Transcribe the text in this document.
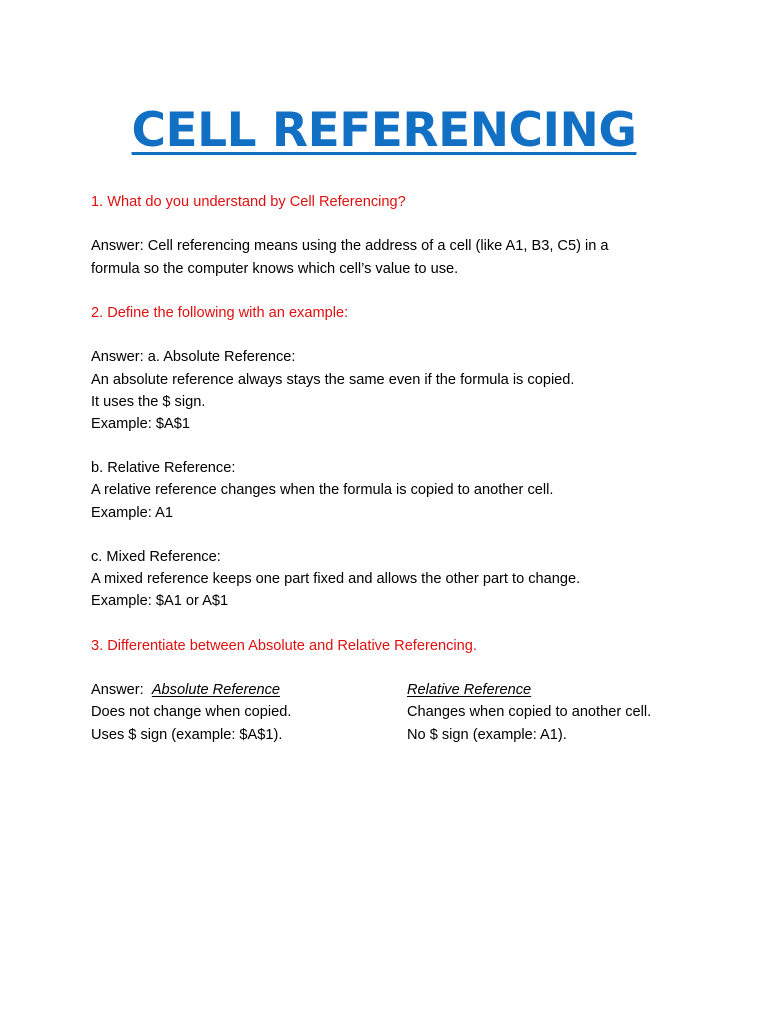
CELL REFERENCING
1. What do you understand by Cell Referencing?
Answer: Cell referencing means using the address of a cell (like A1, B3, C5) in a
formula so the computer knows which cell’s value to use.
2. Define the following with an example:
Answer: a. Absolute Reference:
An absolute reference always stays the same even if the formula is copied.
It uses the $ sign.
Example: $A$1
b. Relative Reference:
A relative reference changes when the formula is copied to another cell.
Example: A1
c. Mixed Reference:
A mixed reference keeps one part fixed and allows the other part to change.
Example: $A1 or A$1
3. Differentiate between Absolute and Relative Referencing.
Answer:  Absolute Reference	Relative Reference
Does not change when copied.	Changes when copied to another cell.
Uses $ sign (example: $A$1).	No $ sign (example: A1).
